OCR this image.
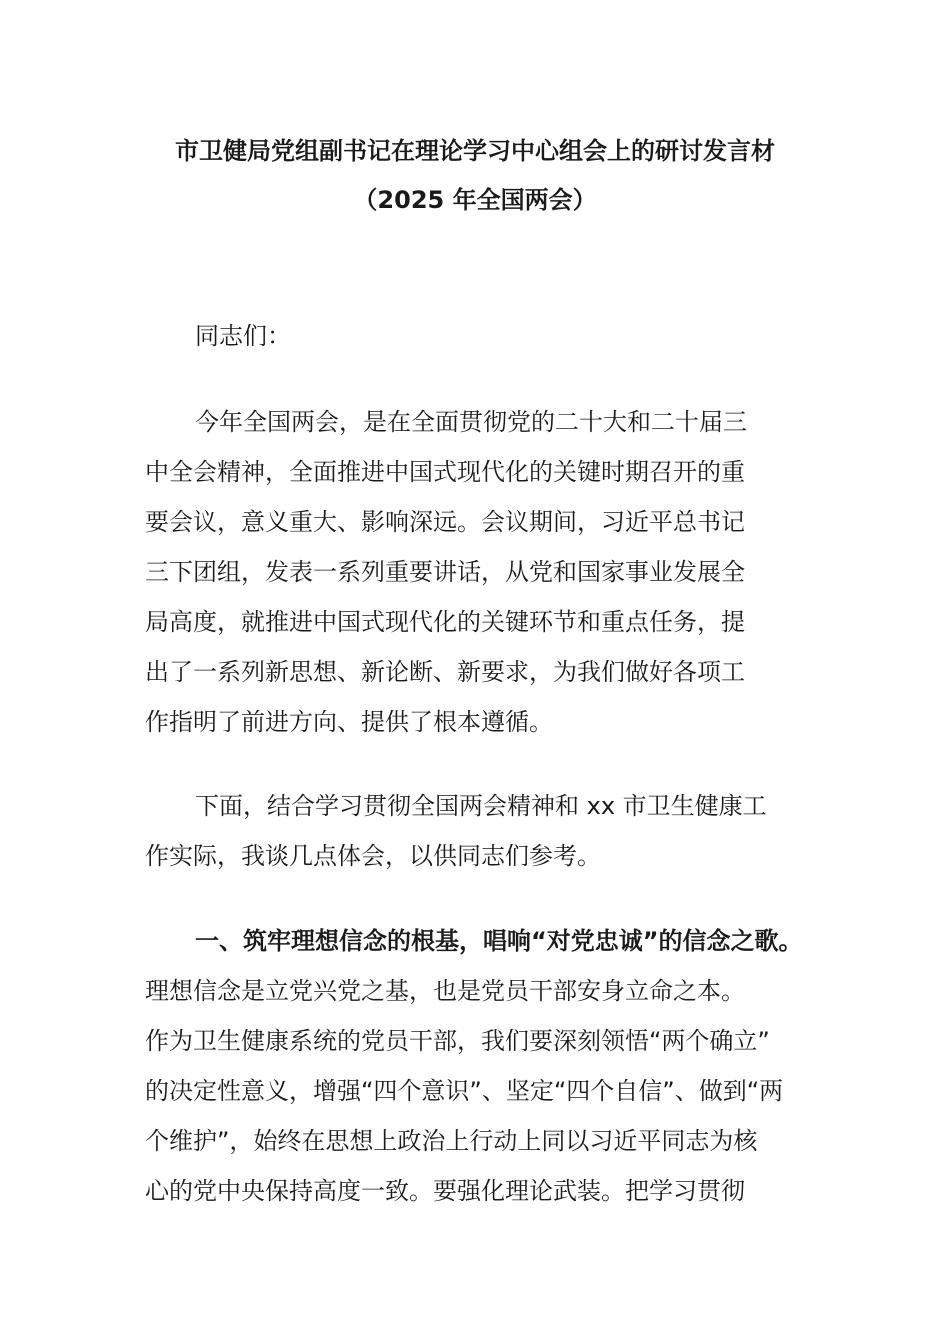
市卫健局党组副书记在理论学习中心组会上的研讨发言材
（2025 年全国两会）
同志们：
今年全国两会，是在全面贯彻党的二十大和二十届三
中全会精神，全面推进中国式现代化的关键时期召开的重
要会议，意义重大、影响深远。会议期间，习近平总书记
三下团组，发表一系列重要讲话，从党和国家事业发展全
局高度，就推进中国式现代化的关键环节和重点任务，提
出了一系列新思想、新论断、新要求，为我们做好各项工
作指明了前进方向、提供了根本遵循。
下面，结合学习贯彻全国两会精神和 xx 市卫生健康工
作实际，我谈几点体会，以供同志们参考。
一、筑牢理想信念的根基，唱响“对党忠诚”的信念之歌。
理想信念是立党兴党之基，也是党员干部安身立命之本。
作为卫生健康系统的党员干部，我们要深刻领悟“两个确立”
的决定性意义，增强“四个意识”、坚定“四个自信”、做到“两
个维护”，始终在思想上政治上行动上同以习近平同志为核
心的党中央保持高度一致。要强化理论武装。把学习贯彻
